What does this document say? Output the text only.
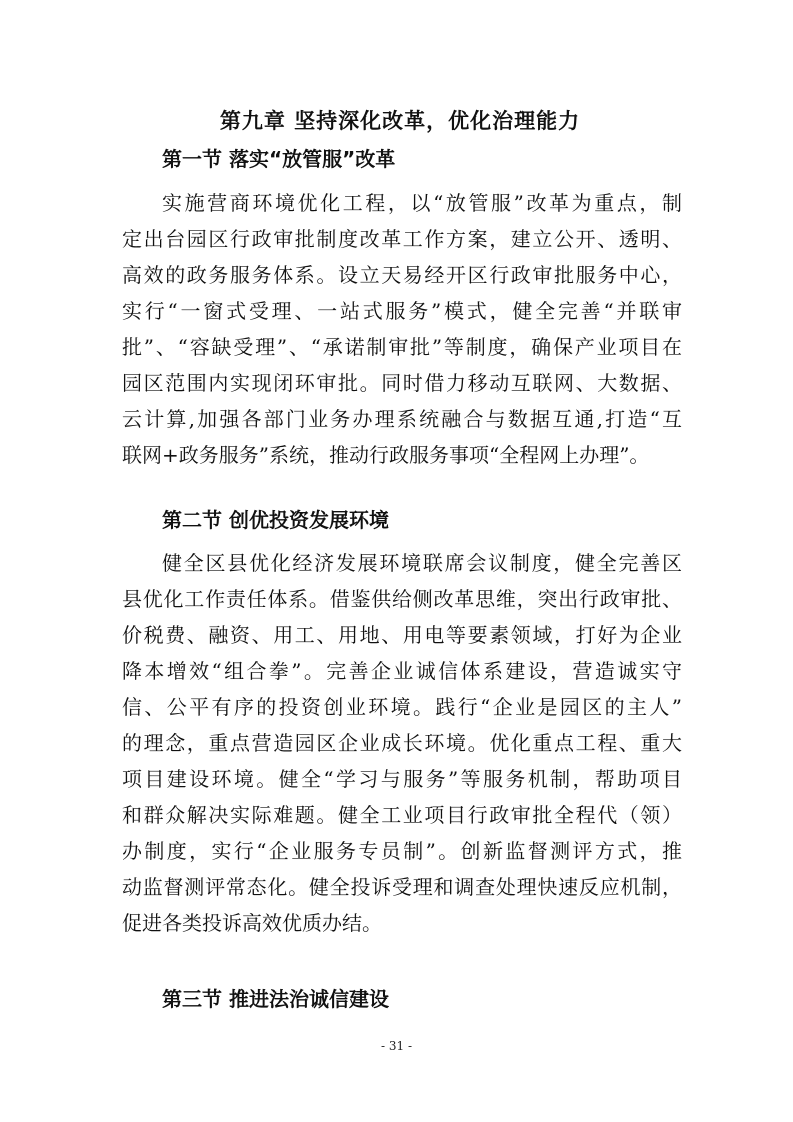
第九章 坚持深化改革，优化治理能力
第一节 落实“放管服”改革

实施营商环境优化工程，以“放管服”改革为重点，制
定出台园区行政审批制度改革工作方案，建立公开、透明、
高效的政务服务体系。设立天易经开区行政审批服务中心，
实行“一窗式受理、一站式服务”模式，健全完善“并联审
批”、“容缺受理”、“承诺制审批”等制度，确保产业项目在
园区范围内实现闭环审批。同时借力移动互联网、大数据、
云计算,加强各部门业务办理系统融合与数据互通,打造“互
联网+政务服务”系统，推动行政服务事项“全程网上办理”。

第二节 创优投资发展环境

健全区县优化经济发展环境联席会议制度，健全完善区
县优化工作责任体系。借鉴供给侧改革思维，突出行政审批、
价税费、融资、用工、用地、用电等要素领域，打好为企业
降本增效“组合拳”。完善企业诚信体系建设，营造诚实守
信、公平有序的投资创业环境。践行“企业是园区的主人”
的理念，重点营造园区企业成长环境。优化重点工程、重大
项目建设环境。健全“学习与服务”等服务机制，帮助项目
和群众解决实际难题。健全工业项目行政审批全程代（领）
办制度，实行“企业服务专员制”。创新监督测评方式，推
动监督测评常态化。健全投诉受理和调查处理快速反应机制，
促进各类投诉高效优质办结。

第三节 推进法治诚信建设
- 31 -
